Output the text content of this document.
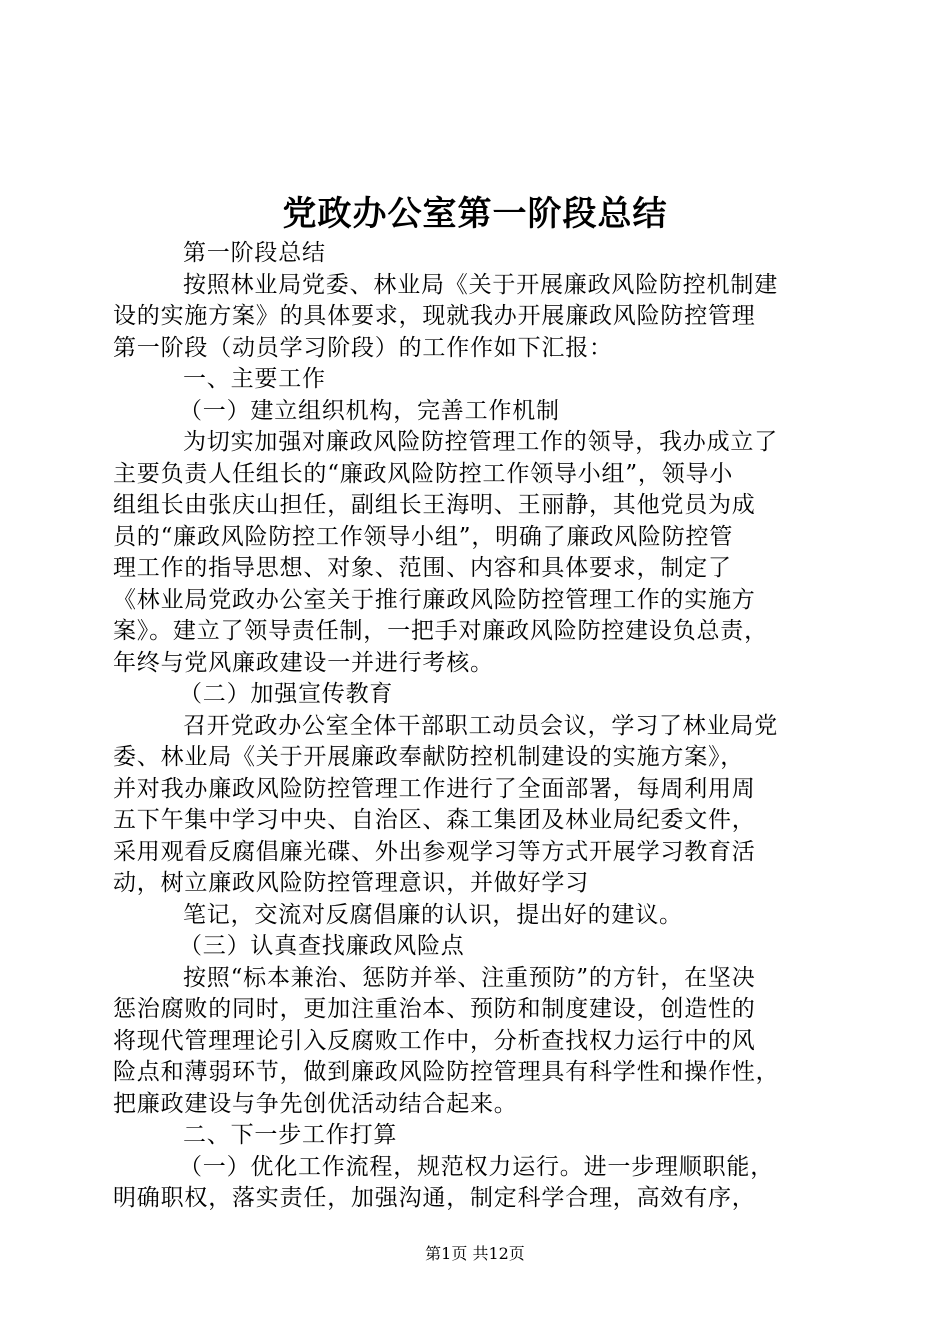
党政办公室第一阶段总结
第一阶段总结
按照林业局党委、林业局《关于开展廉政风险防控机制建
设的实施方案》的具体要求，现就我办开展廉政风险防控管理
第一阶段（动员学习阶段）的工作作如下汇报：
一、主要工作
（一）建立组织机构，完善工作机制
为切实加强对廉政风险防控管理工作的领导，我办成立了
主要负责人任组长的“廉政风险防控工作领导小组”，领导小
组组长由张庆山担任，副组长王海明、王丽静，其他党员为成
员的“廉政风险防控工作领导小组”，明确了廉政风险防控管
理工作的指导思想、对象、范围、内容和具体要求，制定了
《林业局党政办公室关于推行廉政风险防控管理工作的实施方
案》。建立了领导责任制，一把手对廉政风险防控建设负总责，
年终与党风廉政建设一并进行考核。
（二）加强宣传教育
召开党政办公室全体干部职工动员会议，学习了林业局党
委、林业局《关于开展廉政奉献防控机制建设的实施方案》，
并对我办廉政风险防控管理工作进行了全面部署，每周利用周
五下午集中学习中央、自治区、森工集团及林业局纪委文件，
采用观看反腐倡廉光碟、外出参观学习等方式开展学习教育活
动，树立廉政风险防控管理意识，并做好学习
笔记，交流对反腐倡廉的认识，提出好的建议。
（三）认真查找廉政风险点
按照“标本兼治、惩防并举、注重预防”的方针，在坚决
惩治腐败的同时，更加注重治本、预防和制度建设，创造性的
将现代管理理论引入反腐败工作中，分析查找权力运行中的风
险点和薄弱环节，做到廉政风险防控管理具有科学性和操作性，
把廉政建设与争先创优活动结合起来。
二、下一步工作打算
（一）优化工作流程，规范权力运行。进一步理顺职能，
明确职权，落实责任，加强沟通，制定科学合理，高效有序，
第1页 共12页
